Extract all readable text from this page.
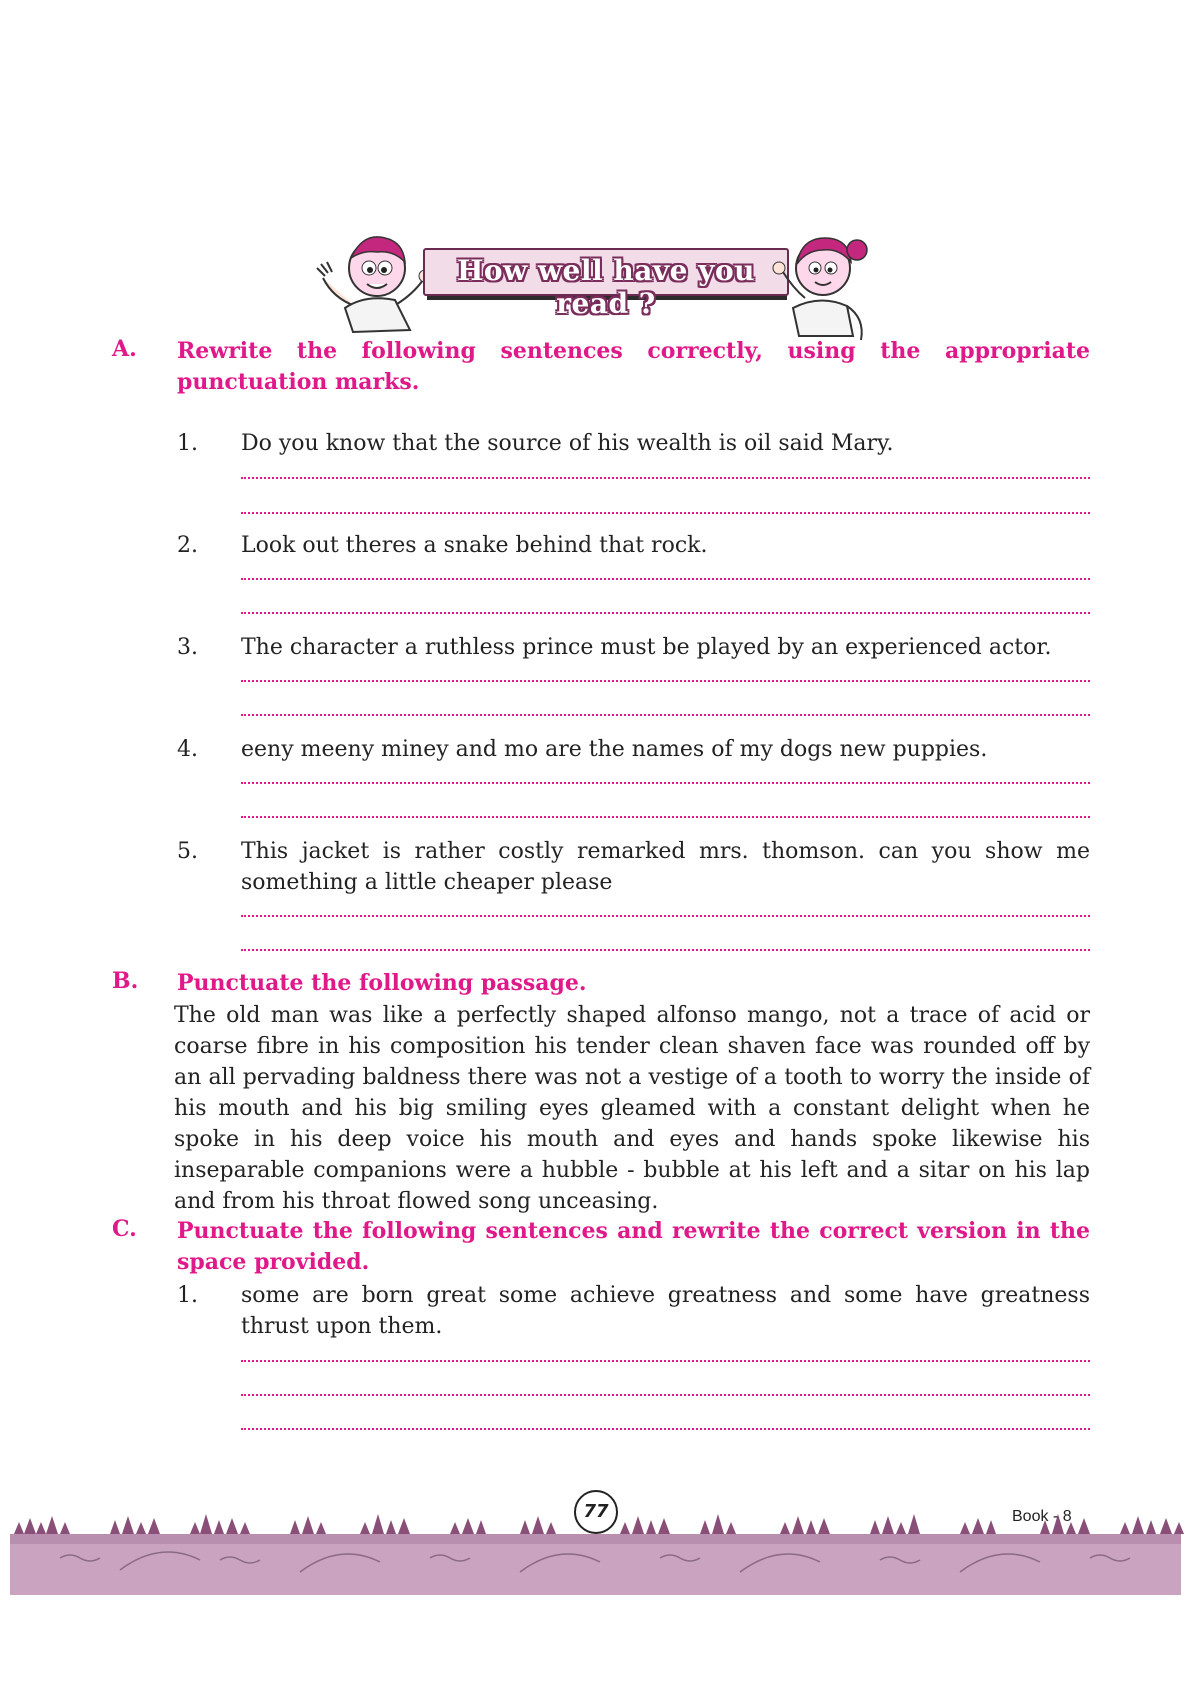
How well have you read ?
A. Rewrite the following sentences correctly, using the appropriate punctuation marks.
1. Do you know that the source of his wealth is oil said Mary.
2. Look out theres a snake behind that rock.
3. The character a ruthless prince must be played by an experienced actor.
4. eeny meeny miney and mo are the names of my dogs new puppies.
5. This jacket is rather costly remarked mrs. thomson. can you show me something a little cheaper please
B. Punctuate the following passage.
The old man was like a perfectly shaped alfonso mango, not a trace of acid or coarse fibre in his composition his tender clean shaven face was rounded off by an all pervading baldness there was not a vestige of a tooth to worry the inside of his mouth and his big smiling eyes gleamed with a constant delight when he spoke in his deep voice his mouth and eyes and hands spoke likewise his inseparable companions were a hubble - bubble at his left and a sitar on his lap and from his throat flowed song unceasing.
C. Punctuate the following sentences and rewrite the correct version in the space provided.
1. some are born great some achieve greatness and some have greatness thrust upon them.
77	Book - 8
